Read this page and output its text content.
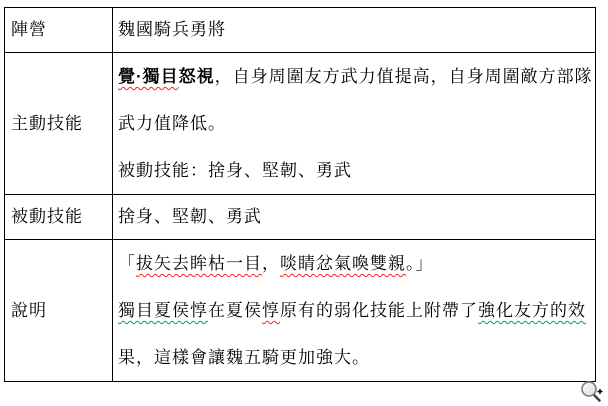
陣營	魏國騎兵勇將

主動技能	覺·獨目怒視，自身周圍友方武力值提高，自身周圍敵方部隊
武力值降低。
被動技能：捨身、堅韌、勇武

被動技能	捨身、堅韌、勇武

說明	「拔矢去眸枯一目，啖睛忿氣喚雙親。」
獨目夏侯惇在夏侯惇原有的弱化技能上附帶了強化友方的效
果，這樣會讓魏五騎更加強大。
